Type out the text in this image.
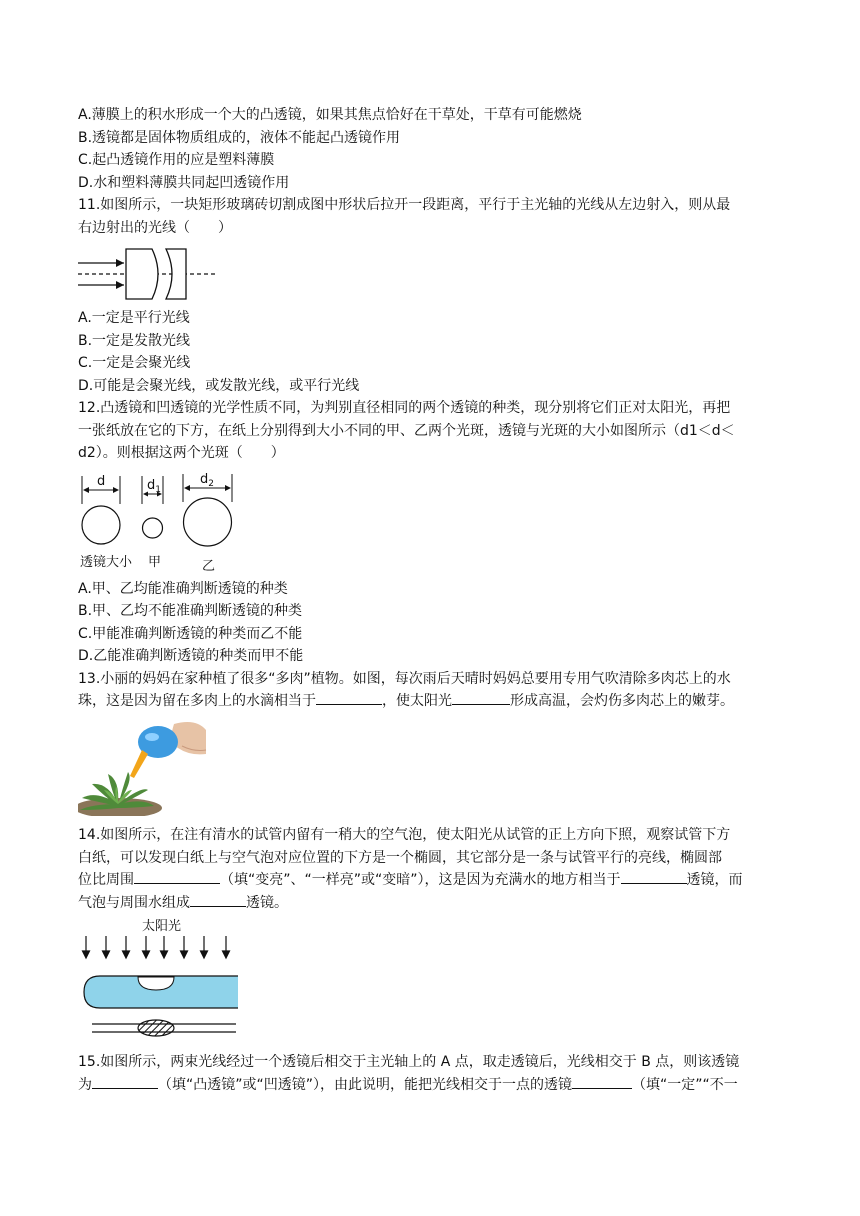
A.薄膜上的积水形成一个大的凸透镜，如果其焦点恰好在干草处，干草有可能燃烧
B.透镜都是固体物质组成的，液体不能起凸透镜作用
C.起凸透镜作用的应是塑料薄膜
D.水和塑料薄膜共同起凹透镜作用
11.如图所示，一块矩形玻璃砖切割成图中形状后拉开一段距离，平行于主光轴的光线从左边射入，则从最
右边射出的光线（　　）
A.一定是平行光线
B.一定是发散光线
C.一定是会聚光线
D.可能是会聚光线，或发散光线，或平行光线
12.凸透镜和凹透镜的光学性质不同，为判别直径相同的两个透镜的种类，现分别将它们正对太阳光，再把
一张纸放在它的下方，在纸上分别得到大小不同的甲、乙两个光斑，透镜与光斑的大小如图所示（d1＜d＜
d2）。则根据这两个光斑（　　）
d	$d_1$
$d_2$
透镜大小 甲	乙
A.甲、乙均能准确判断透镜的种类
B.甲、乙均不能准确判断透镜的种类
C.甲能准确判断透镜的种类而乙不能
D.乙能准确判断透镜的种类而甲不能
13.小丽的妈妈在家种植了很多“多肉”植物。如图，每次雨后天晴时妈妈总要用专用气吹清除多肉芯上的水
珠，这是因为留在多肉上的水滴相当于	，使太阳光	形成高温，会灼伤多肉芯上的嫩芽。
14.如图所示，在注有清水的试管内留有一稍大的空气泡，使太阳光从试管的正上方向下照，观察试管下方
白纸，可以发现白纸上与空气泡对应位置的下方是一个椭圆，其它部分是一条与试管平行的亮线，椭圆部
位比周围	（填“变亮”、“一样亮”或“变暗”），这是因为充满水的地方相当于	透镜，而
气泡与周围水组成	透镜。
太阳光
15.如图所示，两束光线经过一个透镜后相交于主光轴上的 A 点，取走透镜后，光线相交于 B 点，则该透镜
为	（填“凸透镜”或“凹透镜”），由此说明，能把光线相交于一点的透镜	（填“一定”“不一
